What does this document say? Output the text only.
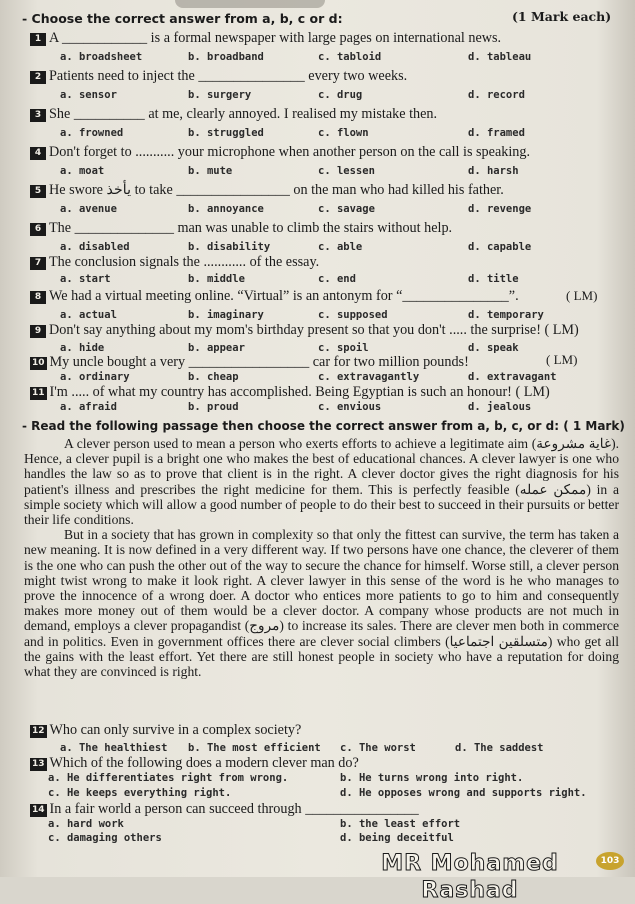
- Choose the correct answer from a, b, c or d:	(1 Mark each)
1 A ____________ is a formal newspaper with large pages on international news.
a. broadsheet	b. broadband	c. tabloid	d. tableau
2 Patients need to inject the _______________ every two weeks.
a. sensor	b. surgery	c. drug	d. record
3 She __________ at me, clearly annoyed. I realised my mistake then.
a. frowned	b. struggled	c. flown	d. framed
4 Don't forget to ........... your microphone when another person on the call is speaking.
a. moat	b. mute	c. lessen	d. harsh
5 He swore يأخذ to take ________________ on the man who had killed his father.
a. avenue	b. annoyance	c. savage	d. revenge
6 The ______________ man was unable to climb the stairs without help.
a. disabled	b. disability	c. able	d. capable
7 The conclusion signals the ............ of the essay.
a. start	b. middle	c. end	d. title
8 We had a virtual meeting online. “Virtual” is an antonym for “_______________”.	( LM)
a. actual	b. imaginary	c. supposed	d. temporary
9 Don't say anything about my mom's birthday present so that you don't ..... the surprise! ( LM)
a. hide	b. appear	c. spoil	d. speak
10 My uncle bought a very _________________ car for two million pounds!	( LM)
a. ordinary	b. cheap	c. extravagantly	d. extravagant
11 I'm ..... of what my country has accomplished. Being Egyptian is such an honour! ( LM)
a. afraid	b. proud	c. envious	d. jealous
- Read the following passage then choose the correct answer from a, b, c, or d: ( 1 Mark)

A clever person used to mean a person who exerts efforts to achieve a legitimate aim (غاية مشروعة). Hence, a clever pupil is a bright one who makes the best of educational chances. A clever lawyer is one who handles the law so as to prove that client is in the right. A clever doctor gives the right diagnosis for his patient's illness and prescribes the right medicine for them. This is perfectly feasible (ممكن عمله) in a simple society which will allow a good number of people to do their best to succeed in their pursuits or better their life conditions.

But in a society that has grown in complexity so that only the fittest can survive, the term has taken a new meaning. It is now defined in a very different way. If two persons have one chance, the cleverer of them is the one who can push the other out of the way to secure the chance for himself. Worse still, a clever person might twist wrong to make it look right. A clever lawyer in this sense of the word is he who manages to prove the innocence of a wrong doer. A doctor who entices more patients to go to him and consequently makes more money out of them would be a clever doctor. A company whose products are not much in demand, employs a clever propagandist (مروج) to increase its sales. There are clever men both in commerce and in politics. Even in government offices there are clever social climbers (متسلقين اجتماعيا) who get all the gains with the least effort. Yet there are still honest people in society who have a reputation for doing what they are convinced is right.

12 Who can only survive in a complex society?
a. The healthiest b. The most efficient c. The worst	d. The saddest
13 Which of the following does a modern clever man do?
a. He differentiates right from wrong.	b. He turns wrong into right.
c. He keeps everything right.	d. He opposes wrong and supports right.
14 In a fair world a person can succeed through ________________
a. hard work	b. the least effort
c. damaging others	d. being deceitful
MR Mohamed Rashad
103
